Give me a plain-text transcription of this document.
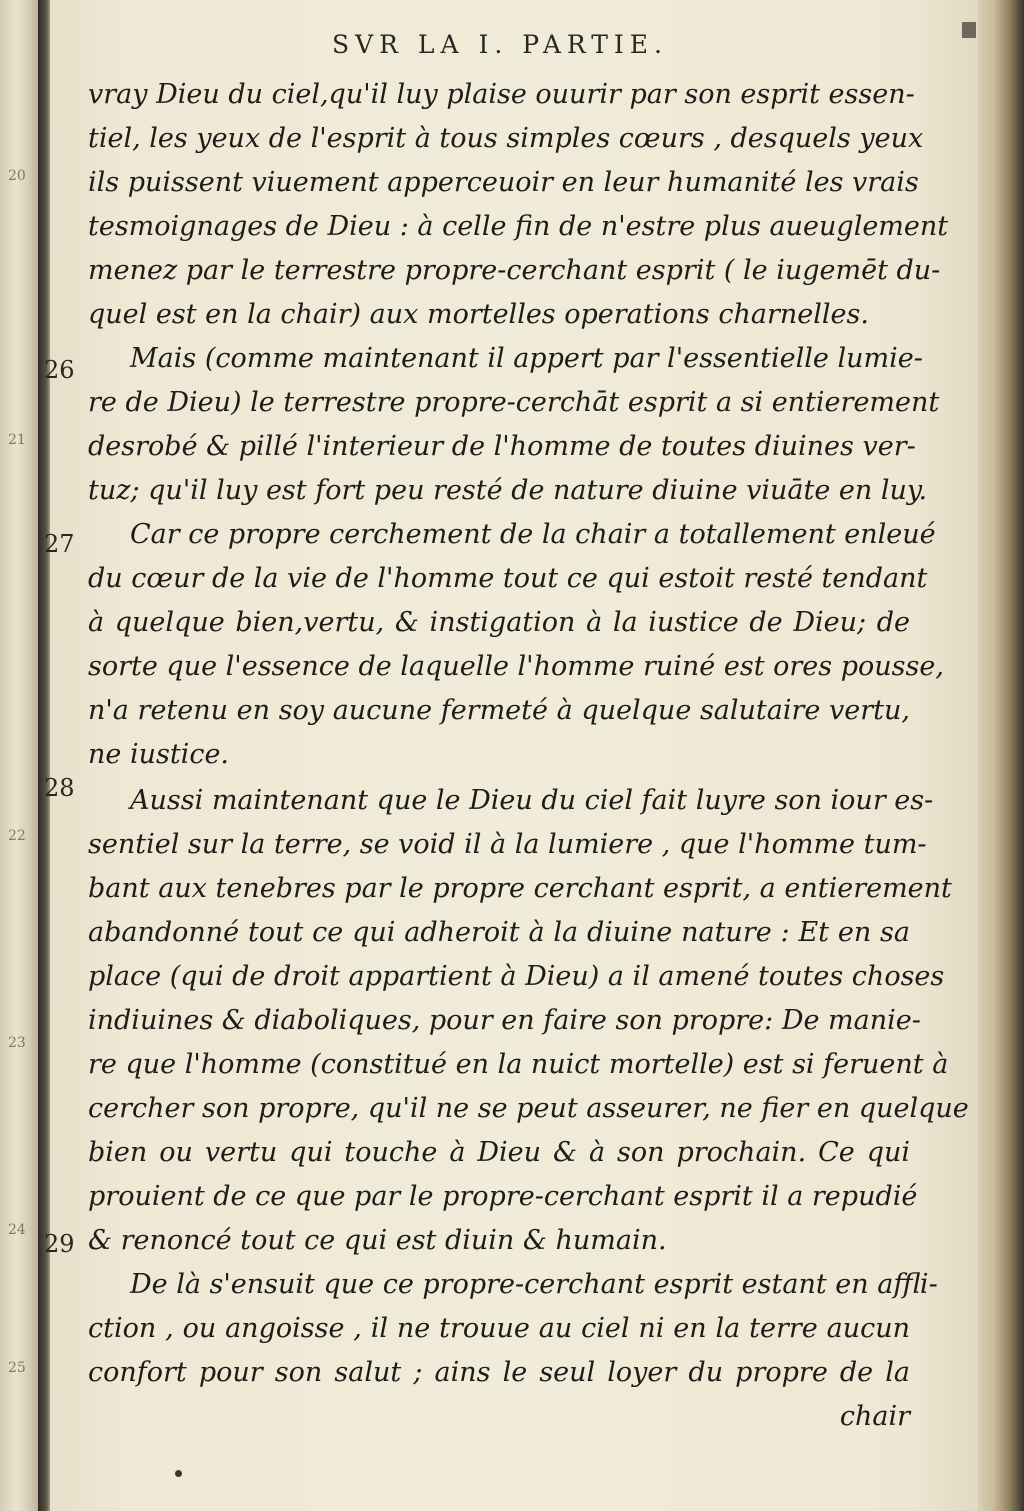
20
21
22
23
24
25
SVR LA I. PARTIE.
26
27
28
29
vray Dieu du ciel,qu'il luy plaise ouurir par son esprit essen-
tiel, les yeux de l'esprit à tous simples cœurs , desquels yeux
ils puissent viuement apperceuoir en leur humanité les vrais
tesmoignages de Dieu : à celle fin de n'estre plus aueuglement
menez par le terrestre propre-cerchant esprit ( le iugemēt du-
quel est en la chair) aux mortelles operations charnelles.
Mais (comme maintenant il appert par l'essentielle lumie-
re de Dieu) le terrestre propre-cerchāt esprit a si entierement
desrobé & pillé l'interieur de l'homme de toutes diuines ver-
tuz; qu'il luy est fort peu resté de nature diuine viuāte en luy.
Car ce propre cerchement de la chair a totallement enleué
du cœur de la vie de l'homme tout ce qui estoit resté tendant
à quelque bien,vertu, & instigation à la iustice de Dieu; de
sorte que l'essence de laquelle l'homme ruiné est ores pousse,
n'a retenu en soy aucune fermeté à quelque salutaire vertu,
ne iustice.
Aussi maintenant que le Dieu du ciel fait luyre son iour es-
sentiel sur la terre, se void il à la lumiere , que l'homme tum-
bant aux tenebres par le propre cerchant esprit, a entierement
abandonné tout ce qui adheroit à la diuine nature : Et en sa
place (qui de droit appartient à Dieu) a il amené toutes choses
indiuines & diaboliques, pour en faire son propre: De manie-
re que l'homme (constitué en la nuict mortelle) est si feruent à
cercher son propre, qu'il ne se peut asseurer, ne fier en quelque
bien ou vertu qui touche à Dieu & à son prochain. Ce qui
prouient de ce que par le propre-cerchant esprit il a repudié
& renoncé tout ce qui est diuin & humain.
De là s'ensuit que ce propre-cerchant esprit estant en affli-
ction , ou angoisse , il ne trouue au ciel ni en la terre aucun
confort pour son salut ; ains le seul loyer du propre de la
chair
